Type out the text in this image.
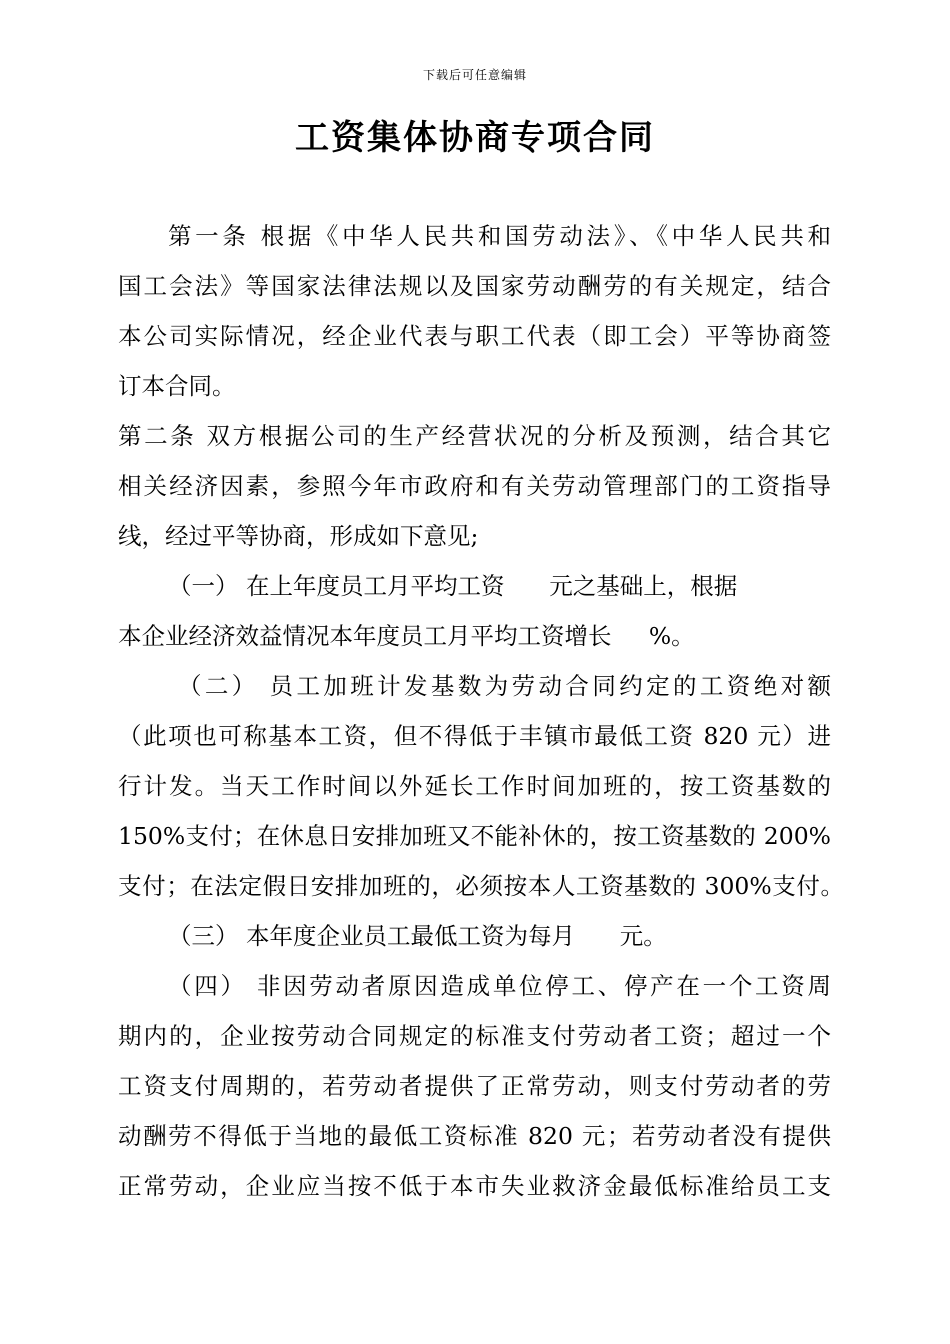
下载后可任意编辑
工资集体协商专项合同
第一条 根据《中华人民共和国劳动法》、《中华人民共和
国工会法》等国家法律法规以及国家劳动酬劳的有关规定，结合
本公司实际情况，经企业代表与职工代表（即工会）平等协商签
订本合同。
第二条 双方根据公司的生产经营状况的分析及预测，结合其它
相关经济因素，参照今年市政府和有关劳动管理部门的工资指导
线，经过平等协商，形成如下意见;
（一） 在上年度员工月平均工资      元之基础上，根据
本企业经济效益情况本年度员工月平均工资增长     %。
（二） 员工加班计发基数为劳动合同约定的工资绝对额
（此项也可称基本工资，但不得低于丰镇市最低工资 820 元）进
行计发。当天工作时间以外延长工作时间加班的，按工资基数的
150%支付；在休息日安排加班又不能补休的，按工资基数的 200%
支付；在法定假日安排加班的，必须按本人工资基数的 300%支付。
（三） 本年度企业员工最低工资为每月      元。
（四） 非因劳动者原因造成单位停工、停产在一个工资周
期内的，企业按劳动合同规定的标准支付劳动者工资；超过一个
工资支付周期的，若劳动者提供了正常劳动，则支付劳动者的劳
动酬劳不得低于当地的最低工资标准 820 元；若劳动者没有提供
正常劳动，企业应当按不低于本市失业救济金最低标准给员工支
